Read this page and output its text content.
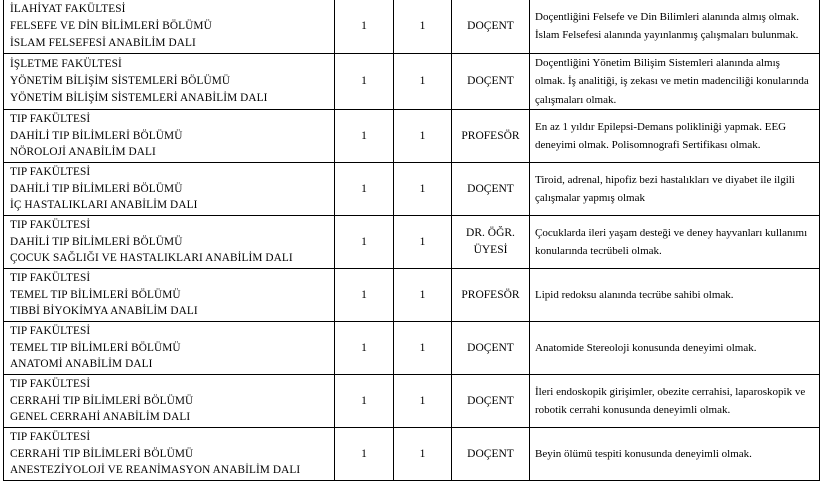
İLAHİYAT FAKÜLTESİ
FELSEFE VE DİN BİLİMLERİ BÖLÜMÜ
İSLAM FELSEFESİ ANABİLİM DALI	1	1	DOÇENT	Doçentliğini Felsefe ve Din Bilimleri alanında almış olmak.
İslam Felsefesi alanında yayınlanmış çalışmaları bulunmak.

İŞLETME FAKÜLTESİ
YÖNETİM BİLİŞİM SİSTEMLERİ BÖLÜMÜ
YÖNETİM BİLİŞİM SİSTEMLERİ ANABİLİM DALI	1	1	DOÇENT	Doçentliğini Yönetim Bilişim Sistemleri alanında almış
olmak. İş analitiği, iş zekası ve metin madenciliği konularında
çalışmaları olmak.

TIP FAKÜLTESİ
DAHİLİ TIP BİLİMLERİ BÖLÜMÜ
NÖROLOJİ ANABİLİM DALI	1	1	PROFESÖR	En az 1 yıldır Epilepsi-Demans polikliniği yapmak. EEG
deneyimi olmak. Polisomnografi Sertifikası olmak.

TIP FAKÜLTESİ
DAHİLİ TIP BİLİMLERİ BÖLÜMÜ
İÇ HASTALIKLARI ANABİLİM DALI	1	1	DOÇENT	Tiroid, adrenal, hipofiz bezi hastalıkları ve diyabet ile ilgili
çalışmalar yapmış olmak

TIP FAKÜLTESİ
DAHİLİ TIP BİLİMLERİ BÖLÜMÜ
ÇOCUK SAĞLIĞI VE HASTALIKLARI ANABİLİM DALI	1	1	DR. ÖĞR.
ÜYESİ	Çocuklarda ileri yaşam desteği ve deney hayvanları kullanımı
konularında tecrübeli olmak.

TIP FAKÜLTESİ
TEMEL TIP BİLİMLERİ BÖLÜMÜ
TIBBİ BİYOKİMYA ANABİLİM DALI	1	1	PROFESÖR	Lipid redoksu alanında tecrübe sahibi olmak.

TIP FAKÜLTESİ
TEMEL TIP BİLİMLERİ BÖLÜMÜ
ANATOMİ ANABİLİM DALI	1	1	DOÇENT	Anatomide Stereoloji konusunda deneyimi olmak.

TIP FAKÜLTESİ
CERRAHİ TIP BİLİMLERİ BÖLÜMÜ
GENEL CERRAHİ ANABİLİM DALI	1	1	DOÇENT	İleri endoskopik girişimler, obezite cerrahisi, laparoskopik ve
robotik cerrahi konusunda deneyimli olmak.

TIP FAKÜLTESİ
CERRAHİ TIP BİLİMLERİ BÖLÜMÜ
ANESTEZİYOLOJİ VE REANİMASYON ANABİLİM DALI	1	1	DOÇENT	Beyin ölümü tespiti konusunda deneyimli olmak.
